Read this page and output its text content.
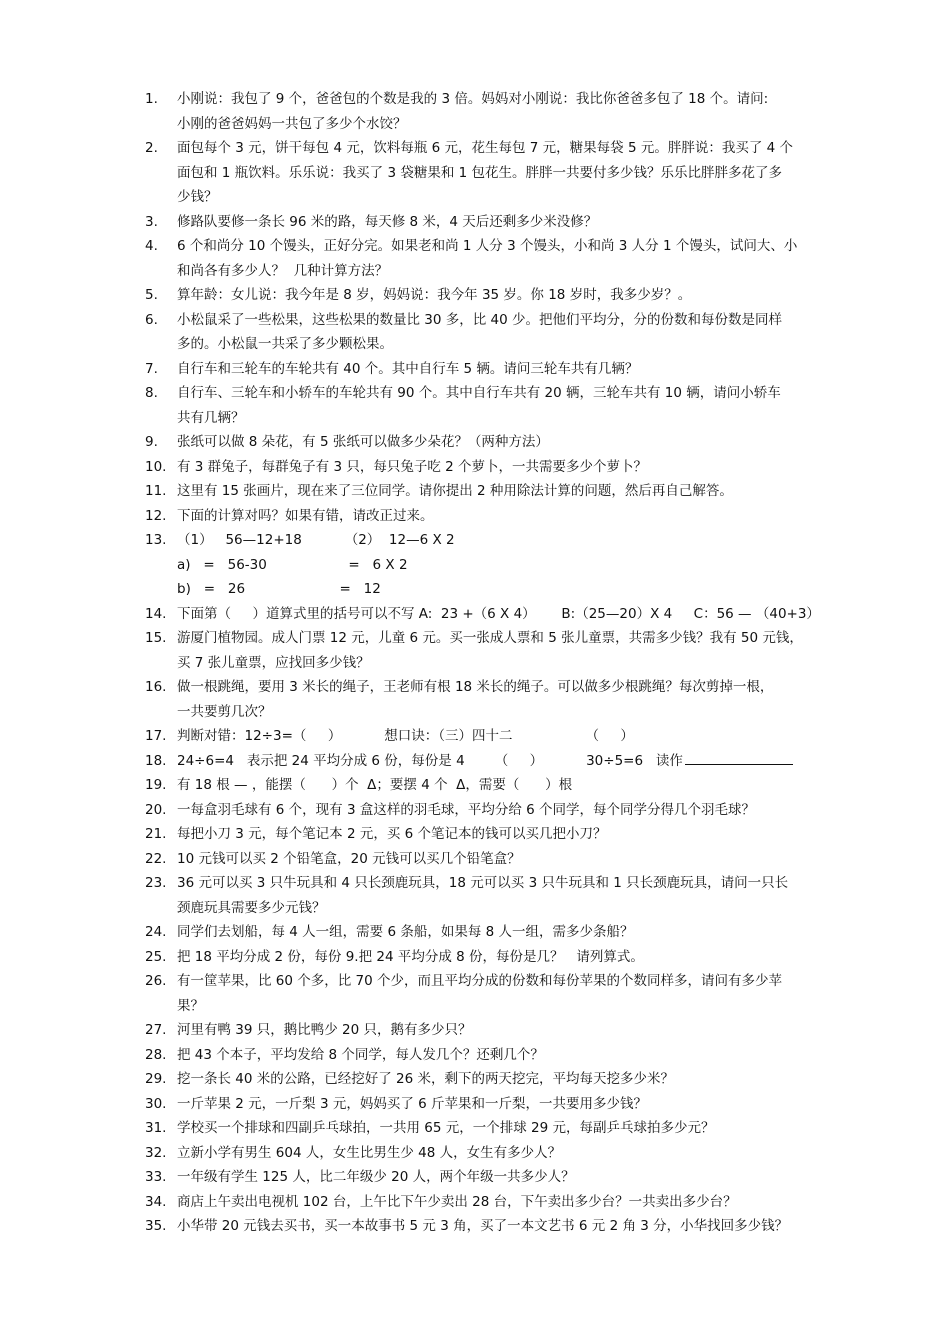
1. 小刚说：我包了 9 个，爸爸包的个数是我的 3 倍。妈妈对小刚说：我比你爸爸多包了 18 个。请问:
小刚的爸爸妈妈一共包了多少个水饺？
2. 面包每个 3 元，饼干每包 4 元，饮料每瓶 6 元，花生每包 7 元，糖果每袋 5 元。胖胖说：我买了 4 个
面包和 1 瓶饮料。乐乐说：我买了 3 袋糖果和 1 包花生。胖胖一共要付多少钱？乐乐比胖胖多花了多
少钱？
3. 修路队要修一条长 96 米的路，每天修 8 米，4 天后还剩多少米没修？
4. 6 个和尚分 10 个馒头，正好分完。如果老和尚 1 人分 3 个馒头，小和尚 3 人分 1 个馒头，试问大、小
和尚各有多少人？  几种计算方法？
5. 算年龄：女儿说：我今年是 8 岁，妈妈说：我今年 35 岁。你 18 岁时，我多少岁？。
6. 小松鼠采了一些松果，这些松果的数量比 30 多，比 40 少。把他们平均分，分的份数和每份数是同样
多的。小松鼠一共采了多少颗松果。
7. 自行车和三轮车的车轮共有 40 个。其中自行车 5 辆。请问三轮车共有几辆？
8. 自行车、三轮车和小轿车的车轮共有 90 个。其中自行车共有 20 辆，三轮车共有 10 辆，请问小轿车
共有几辆？
9. 张纸可以做 8 朵花，有 5 张纸可以做多少朵花？（两种方法）
10. 有 3 群兔子，每群兔子有 3 只，每只兔子吃 2 个萝卜，一共需要多少个萝卜？
11. 这里有 15 张画片，现在来了三位同学。请你提出 2 种用除法计算的问题，然后再自己解答。
12. 下面的计算对吗？如果有错，请改正过来。
13. （1）   56—12+18          （2）  12—6 X 2
a)   =   56-30                   =   6 X 2
b)   =   26                      =   12
14. 下面第（     ）道算式里的括号可以不写 A:  23 +（6 X 4）      B:（25—20）X 4     C：56 — （40+3）
15. 游厦门植物园。成人门票 12 元，儿童 6 元。买一张成人票和 5 张儿童票，共需多少钱？我有 50 元钱，
买 7 张儿童票，应找回多少钱？
16. 做一根跳绳，要用 3 米长的绳子，王老师有根 18 米长的绳子。可以做多少根跳绳？每次剪掉一根，
一共要剪几次？
17. 判断对错：12÷3=（     ）          想口诀：（三）四十二                 （     ）
18. 24÷6=4   表示把 24 平均分成 6 份，每份是 4       （     ）          30÷5=6   读作
19. 有 18 根 — ，能摆（      ）个  Δ；要摆 4 个  Δ，需要（      ）根
20. 一每盒羽毛球有 6 个，现有 3 盒这样的羽毛球，平均分给 6 个同学，每个同学分得几个羽毛球？
21. 每把小刀 3 元，每个笔记本 2 元，买 6 个笔记本的钱可以买几把小刀？
22. 10 元钱可以买 2 个铅笔盒，20 元钱可以买几个铅笔盒？
23. 36 元可以买 3 只牛玩具和 4 只长颈鹿玩具，18 元可以买 3 只牛玩具和 1 只长颈鹿玩具，请问一只长
颈鹿玩具需要多少元钱？
24. 同学们去划船，每 4 人一组，需要 6 条船，如果每 8 人一组，需多少条船？
25. 把 18 平均分成 2 份，每份 9.把 24 平均分成 8 份，每份是几？   请列算式。
26. 有一筐苹果，比 60 个多，比 70 个少，而且平均分成的份数和每份苹果的个数同样多，请问有多少苹
果？
27. 河里有鸭 39 只，鹅比鸭少 20 只，鹅有多少只？
28. 把 43 个本子，平均发给 8 个同学，每人发几个？还剩几个？
29. 挖一条长 40 米的公路，已经挖好了 26 米，剩下的两天挖完，平均每天挖多少米？
30. 一斤苹果 2 元，一斤梨 3 元，妈妈买了 6 斤苹果和一斤梨，一共要用多少钱？
31. 学校买一个排球和四副乒乓球拍，一共用 65 元，一个排球 29 元，每副乒乓球拍多少元？
32. 立新小学有男生 604 人，女生比男生少 48 人，女生有多少人？
33. 一年级有学生 125 人，比二年级少 20 人，两个年级一共多少人？
34. 商店上午卖出电视机 102 台，上午比下午少卖出 28 台，下午卖出多少台？一共卖出多少台？
35. 小华带 20 元钱去买书，买一本故事书 5 元 3 角，买了一本文艺书 6 元 2 角 3 分，小华找回多少钱？
